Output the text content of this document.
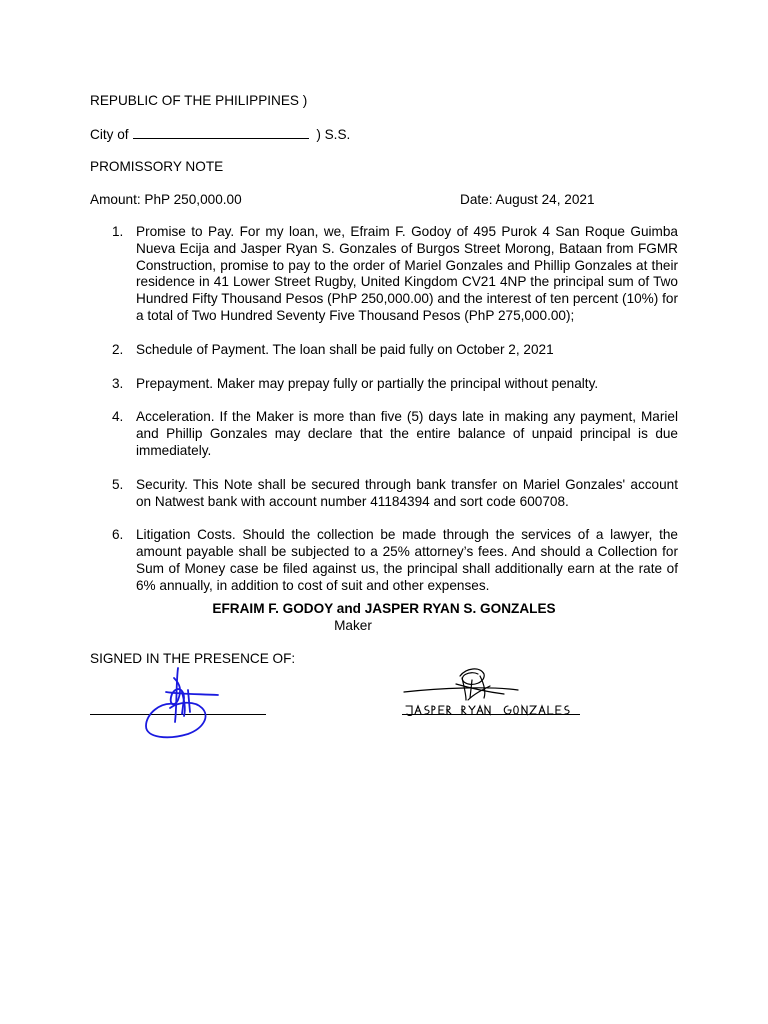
REPUBLIC OF THE PHILIPPINES )
City of	) S.S.
PROMISSORY NOTE
Amount: PhP 250,000.00	Date: August 24, 2021
1. Promise to Pay. For my loan, we, Efraim F. Godoy of 495 Purok 4 San Roque Guimba Nueva Ecija and Jasper Ryan S. Gonzales of Burgos Street Morong, Bataan from FGMR Construction, promise to pay to the order of Mariel Gonzales and Phillip Gonzales at their residence in 41 Lower Street Rugby, United Kingdom CV21 4NP the principal sum of Two Hundred Fifty Thousand Pesos (PhP 250,000.00) and the interest of ten percent (10%) for a total of Two Hundred Seventy Five Thousand Pesos (PhP 275,000.00);
2. Schedule of Payment. The loan shall be paid fully on October 2, 2021
3. Prepayment. Maker may prepay fully or partially the principal without penalty.
4. Acceleration. If the Maker is more than five (5) days late in making any payment, Mariel and Phillip Gonzales may declare that the entire balance of unpaid principal is due immediately.
5. Security. This Note shall be secured through bank transfer on Mariel Gonzales' account on Natwest bank with account number 41184394 and sort code 600708.
6. Litigation Costs. Should the collection be made through the services of a lawyer, the amount payable shall be subjected to a 25% attorney’s fees. And should a Collection for Sum of Money case be filed against us, the principal shall additionally earn at the rate of 6% annually, in addition to cost of suit and other expenses.
EFRAIM F. GODOY and JASPER RYAN S. GONZALES
Maker
SIGNED IN THE PRESENCE OF:
